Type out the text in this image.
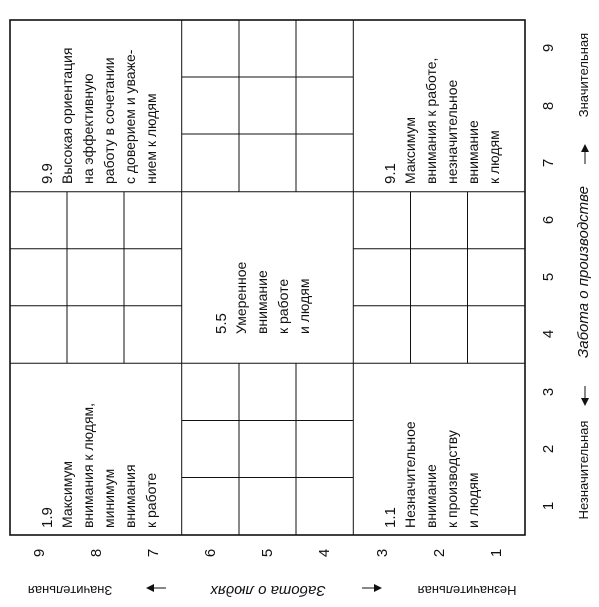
9	8	7	6	5	4	3	2	1
Значительная	Забота о людях	Незначительная
1
2
3
4
5
6
7
8
9
Незначительная
Забота о производстве
Значительная
1.9 Максимум внимания к людям, минимум внимания к работе
9.9 Высокая ориентация на эффективную работу в сочетании с доверием и уваже- нием к людям
5.5 Умеренное внимание к работе и людям
1.1 Незначительное внимание к производству и людям
9.1 Максимум внимания к работе, незначительное внимание к людям
